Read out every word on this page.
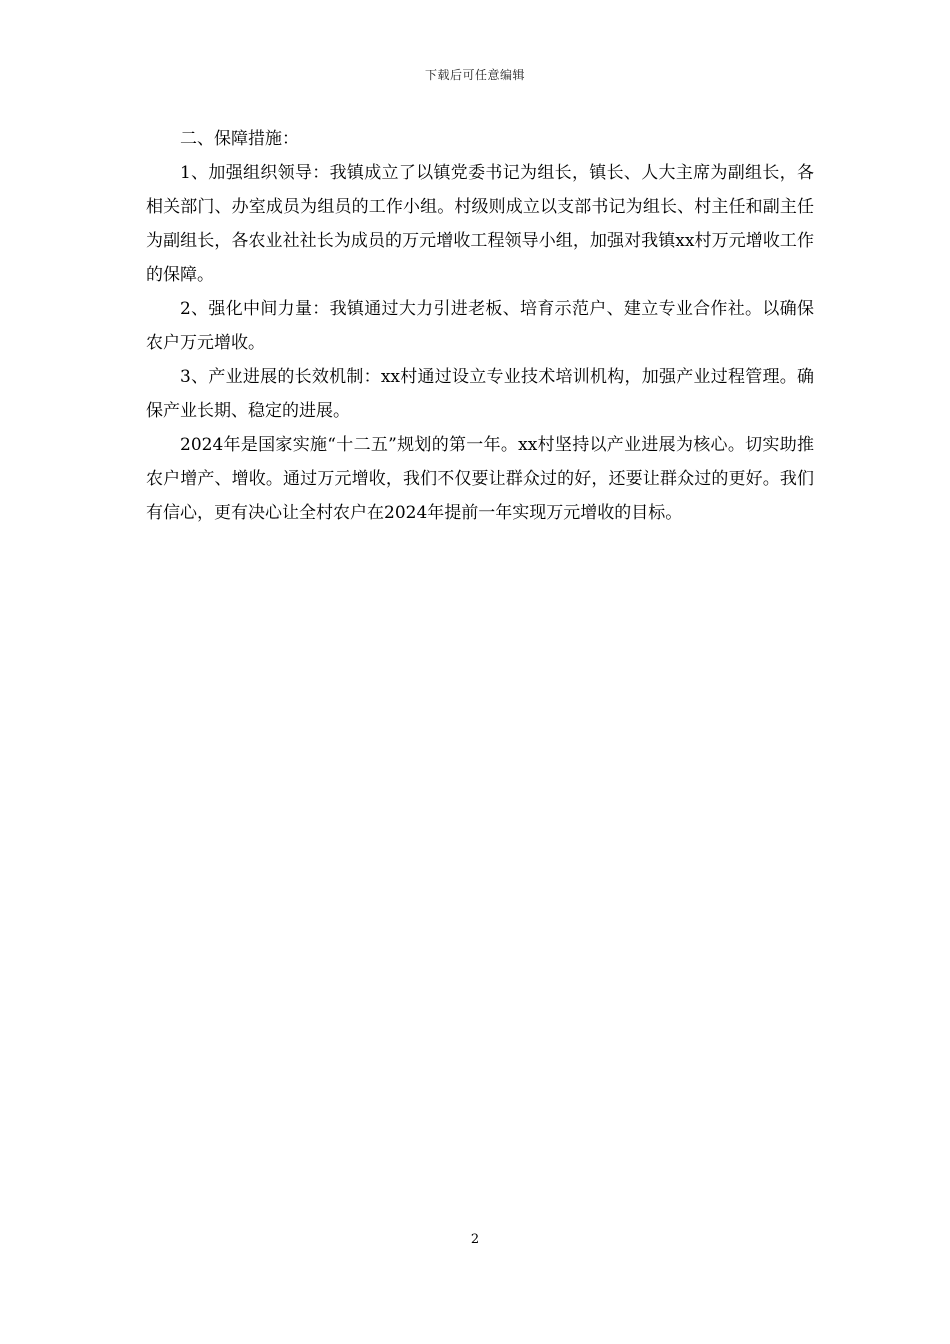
下载后可任意编辑

二、保障措施：

1、加强组织领导：我镇成立了以镇党委书记为组长，镇长、人大主席为副组长，各相关部门、办室成员为组员的工作小组。村级则成立以支部书记为组长、村主任和副主任为副组长，各农业社社长为成员的万元增收工程领导小组，加强对我镇xx村万元增收工作的保障。

2、强化中间力量：我镇通过大力引进老板、培育示范户、建立专业合作社。以确保农户万元增收。

3、产业进展的长效机制：xx村通过设立专业技术培训机构，加强产业过程管理。确保产业长期、稳定的进展。

2024年是国家实施“十二五”规划的第一年。xx村坚持以产业进展为核心。切实助推农户增产、增收。通过万元增收，我们不仅要让群众过的好，还要让群众过的更好。我们有信心，更有决心让全村农户在2024年提前一年实现万元增收的目标。

2
